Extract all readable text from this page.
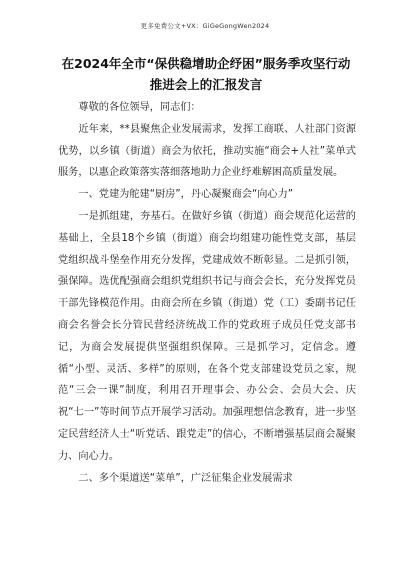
更多免费公文+VX：GiGeGongWen2024
在2024年全市“保供稳增助企纾困”服务季攻坚行动推进会上的汇报发言

尊敬的各位领导，同志们：

近年来，**县聚焦企业发展需求，发挥工商联、人社部门资源优势，以乡镇（街道）商会为依托，推动实施“商会+人社”菜单式服务，以惠企政策落实落细落地助力企业纾难解困高质量发展。

一、党建为舵建“厨房”，丹心凝聚商会“向心力”

一是抓组建，夯基石。在做好乡镇（街道）商会规范化运营的基础上，全县18个乡镇（街道）商会均组建功能性党支部，基层党组织战斗堡垒作用充分发挥，党建成效不断彰显。二是抓引领，强保障。选优配强商会组织党组织书记与商会会长，充分发挥党员干部先锋模范作用。由商会所在乡镇（街道）党（工）委副书记任商会名誉会长分管民营经济统战工作的党政班子成员任党支部书记，为商会发展提供坚强组织保障。三是抓学习，定信念。遵循“小型、灵活、多样”的原则，在各个党支部建设党员之家，规范“三会一课”制度，利用召开理事会、办公会、会员大会、庆祝“七一”等时间节点开展学习活动。加强理想信念教育，进一步坚定民营经济人士“听党话、跟党走”的信心，不断增强基层商会凝聚力、向心力。

二、多个渠道送“菜单”，广泛征集企业发展需求
